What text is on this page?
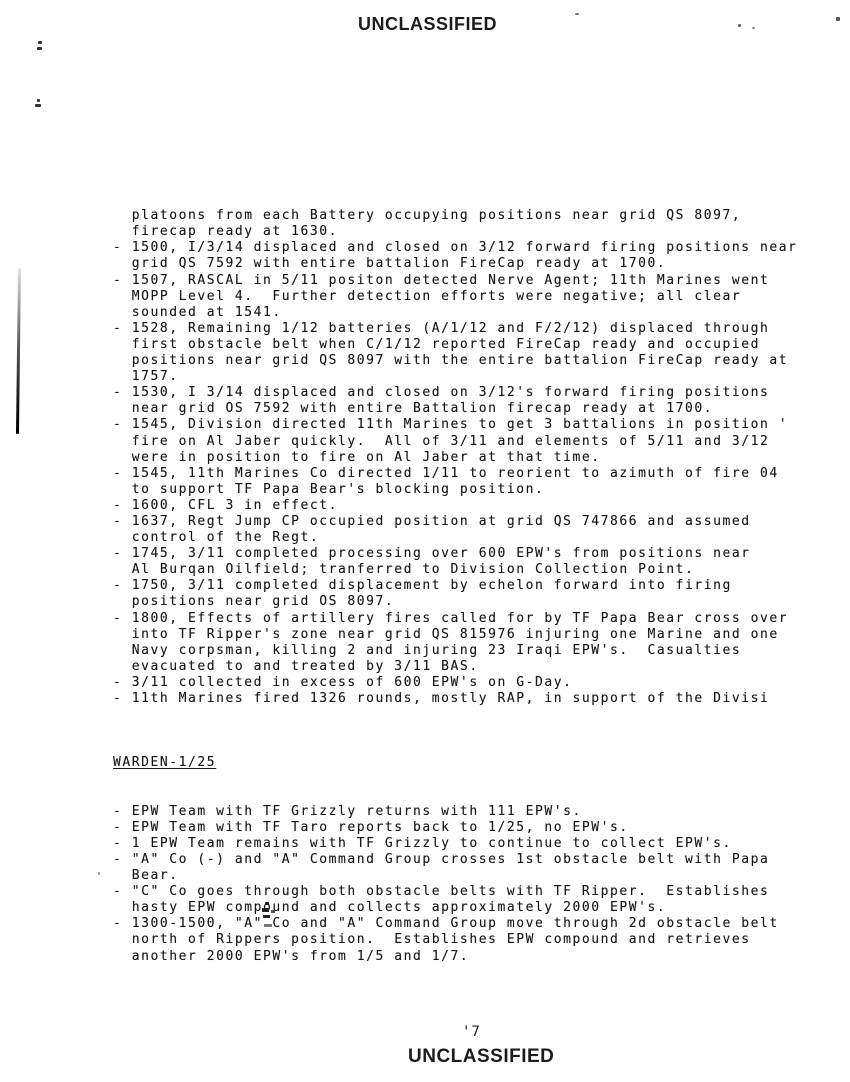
UNCLASSIFIED

platoons from each Battery occupying positions near grid QS 8097,
firecap ready at 1630.
- 1500, I/3/14 displaced and closed on 3/12 forward firing positions near
grid QS 7592 with entire battalion FireCap ready at 1700.
- 1507, RASCAL in 5/11 positon detected Nerve Agent; 11th Marines went
MOPP Level 4.  Further detection efforts were negative; all clear
sounded at 1541.
- 1528, Remaining 1/12 batteries (A/1/12 and F/2/12) displaced through
first obstacle belt when C/1/12 reported FireCap ready and occupied
positions near grid QS 8097 with the entire battalion FireCap ready at
1757.
- 1530, I 3/14 displaced and closed on 3/12's forward firing positions
near grid OS 7592 with entire Battalion firecap ready at 1700.
- 1545, Division directed 11th Marines to get 3 battalions in position '
fire on Al Jaber quickly.  All of 3/11 and elements of 5/11 and 3/12
were in position to fire on Al Jaber at that time.
- 1545, 11th Marines Co directed 1/11 to reorient to azimuth of fire 04
to support TF Papa Bear's blocking position.
- 1600, CFL 3 in effect.
- 1637, Regt Jump CP occupied position at grid QS 747866 and assumed
control of the Regt.
- 1745, 3/11 completed processing over 600 EPW's from positions near
Al Burqan Oilfield; tranferred to Division Collection Point.
- 1750, 3/11 completed displacement by echelon forward into firing
positions near grid OS 8097.
- 1800, Effects of artillery fires called for by TF Papa Bear cross over
into TF Ripper's zone near grid QS 815976 injuring one Marine and one
Navy corpsman, killing 2 and injuring 23 Iraqi EPW's.  Casualties
evacuated to and treated by 3/11 BAS.
- 3/11 collected in excess of 600 EPW's on G-Day.
- 11th Marines fired 1326 rounds, mostly RAP, in support of the Divisi

WARDEN-1/25

- EPW Team with TF Grizzly returns with 111 EPW's.
- EPW Team with TF Taro reports back to 1/25, no EPW's.
- 1 EPW Team remains with TF Grizzly to continue to collect EPW's.
- "A" Co (-) and "A" Command Group crosses 1st obstacle belt with Papa
Bear.
- "C" Co goes through both obstacle belts with TF Ripper.  Establishes
hasty EPW compound and collects approximately 2000 EPW's.
- 1300-1500, "A" Co and "A" Command Group move through 2d obstacle belt
north of Rippers position.  Establishes EPW compound and retrieves
another 2000 EPW's from 1/5 and 1/7.

'7
UNCLASSIFIED
